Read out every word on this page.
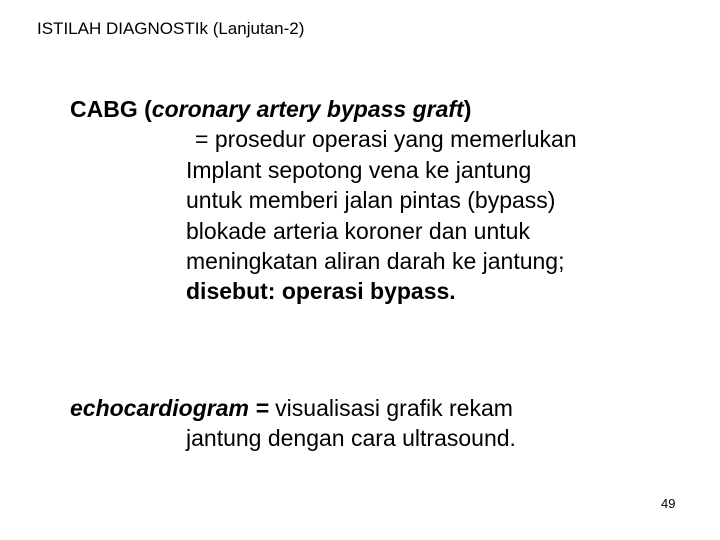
ISTILAH DIAGNOSTIk (Lanjutan-2)
CABG (coronary artery bypass graft)
= prosedur operasi yang memerlukan
Implant sepotong vena ke jantung
untuk memberi jalan pintas (bypass)
blokade arteria koroner dan untuk
meningkatan aliran darah ke jantung;
disebut: operasi bypass.
echocardiogram = visualisasi grafik rekam
jantung dengan cara ultrasound.
49
